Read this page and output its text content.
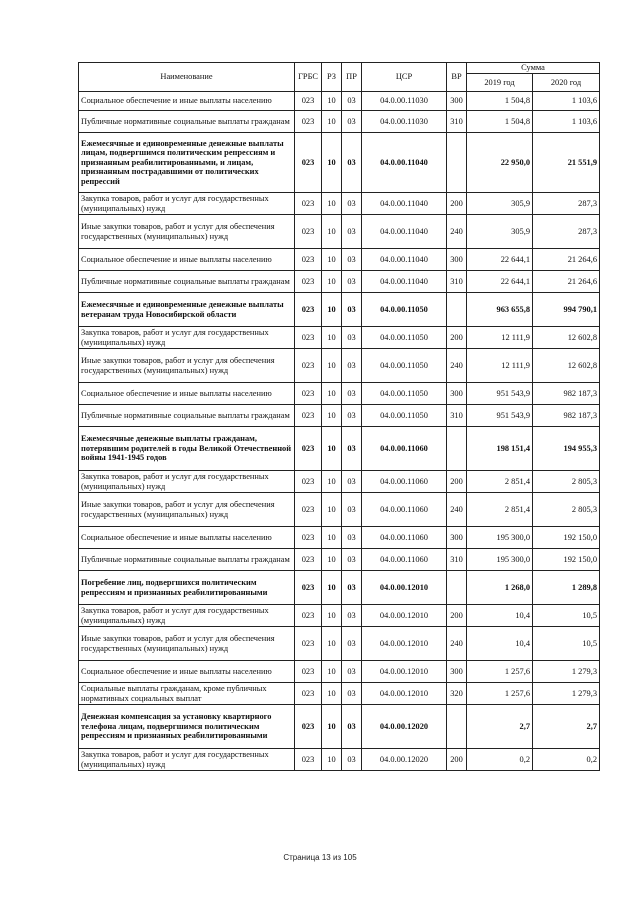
Наименование	ГРБС	РЗ	ПР	ЦСР	ВР	Сумма	
						2019 год	2020 год
Социальное обеспечение и иные выплаты населению	023	10	03	04.0.00.11030	300	1 504,8	1 103,6
Публичные нормативные социальные выплаты гражданам	023	10	03	04.0.00.11030	310	1 504,8	1 103,6
Ежемесячные и единовременные денежные выплаты лицам, подвергшимся политическим репрессиям и признанным реабилитированными, и лицам, признанным пострадавшими от политических репрессий	023	10	03	04.0.00.11040		22 950,0	21 551,9
Закупка товаров, работ и услуг для государственных (муниципальных) нужд	023	10	03	04.0.00.11040	200	305,9	287,3
Иные закупки товаров, работ и услуг для обеспечения государственных (муниципальных) нужд	023	10	03	04.0.00.11040	240	305,9	287,3
Социальное обеспечение и иные выплаты населению	023	10	03	04.0.00.11040	300	22 644,1	21 264,6
Публичные нормативные социальные выплаты гражданам	023	10	03	04.0.00.11040	310	22 644,1	21 264,6
Ежемесячные и единовременные денежные выплаты ветеранам труда Новосибирской области	023	10	03	04.0.00.11050		963 655,8	994 790,1
Закупка товаров, работ и услуг для государственных (муниципальных) нужд	023	10	03	04.0.00.11050	200	12 111,9	12 602,8
Иные закупки товаров, работ и услуг для обеспечения государственных (муниципальных) нужд	023	10	03	04.0.00.11050	240	12 111,9	12 602,8
Социальное обеспечение и иные выплаты населению	023	10	03	04.0.00.11050	300	951 543,9	982 187,3
Публичные нормативные социальные выплаты гражданам	023	10	03	04.0.00.11050	310	951 543,9	982 187,3
Ежемесячные денежные выплаты гражданам, потерявшим родителей в годы Великой Отечественной войны 1941-1945 годов	023	10	03	04.0.00.11060		198 151,4	194 955,3
Закупка товаров, работ и услуг для государственных (муниципальных) нужд	023	10	03	04.0.00.11060	200	2 851,4	2 805,3
Иные закупки товаров, работ и услуг для обеспечения государственных (муниципальных) нужд	023	10	03	04.0.00.11060	240	2 851,4	2 805,3
Социальное обеспечение и иные выплаты населению	023	10	03	04.0.00.11060	300	195 300,0	192 150,0
Публичные нормативные социальные выплаты гражданам	023	10	03	04.0.00.11060	310	195 300,0	192 150,0
Погребение лиц, подвергшихся политическим репрессиям и признанных реабилитированными	023	10	03	04.0.00.12010		1 268,0	1 289,8
Закупка товаров, работ и услуг для государственных (муниципальных) нужд	023	10	03	04.0.00.12010	200	10,4	10,5
Иные закупки товаров, работ и услуг для обеспечения государственных (муниципальных) нужд	023	10	03	04.0.00.12010	240	10,4	10,5
Социальное обеспечение и иные выплаты населению	023	10	03	04.0.00.12010	300	1 257,6	1 279,3
Социальные выплаты гражданам, кроме публичных нормативных социальных выплат	023	10	03	04.0.00.12010	320	1 257,6	1 279,3
Денежная компенсация за установку квартирного телефона лицам, подвергшимся политическим репрессиям и признанных реабилитированными	023	10	03	04.0.00.12020		2,7	2,7
Закупка товаров, работ и услуг для государственных (муниципальных) нужд	023	10	03	04.0.00.12020	200	0,2	0,2
Страница 13 из 105
